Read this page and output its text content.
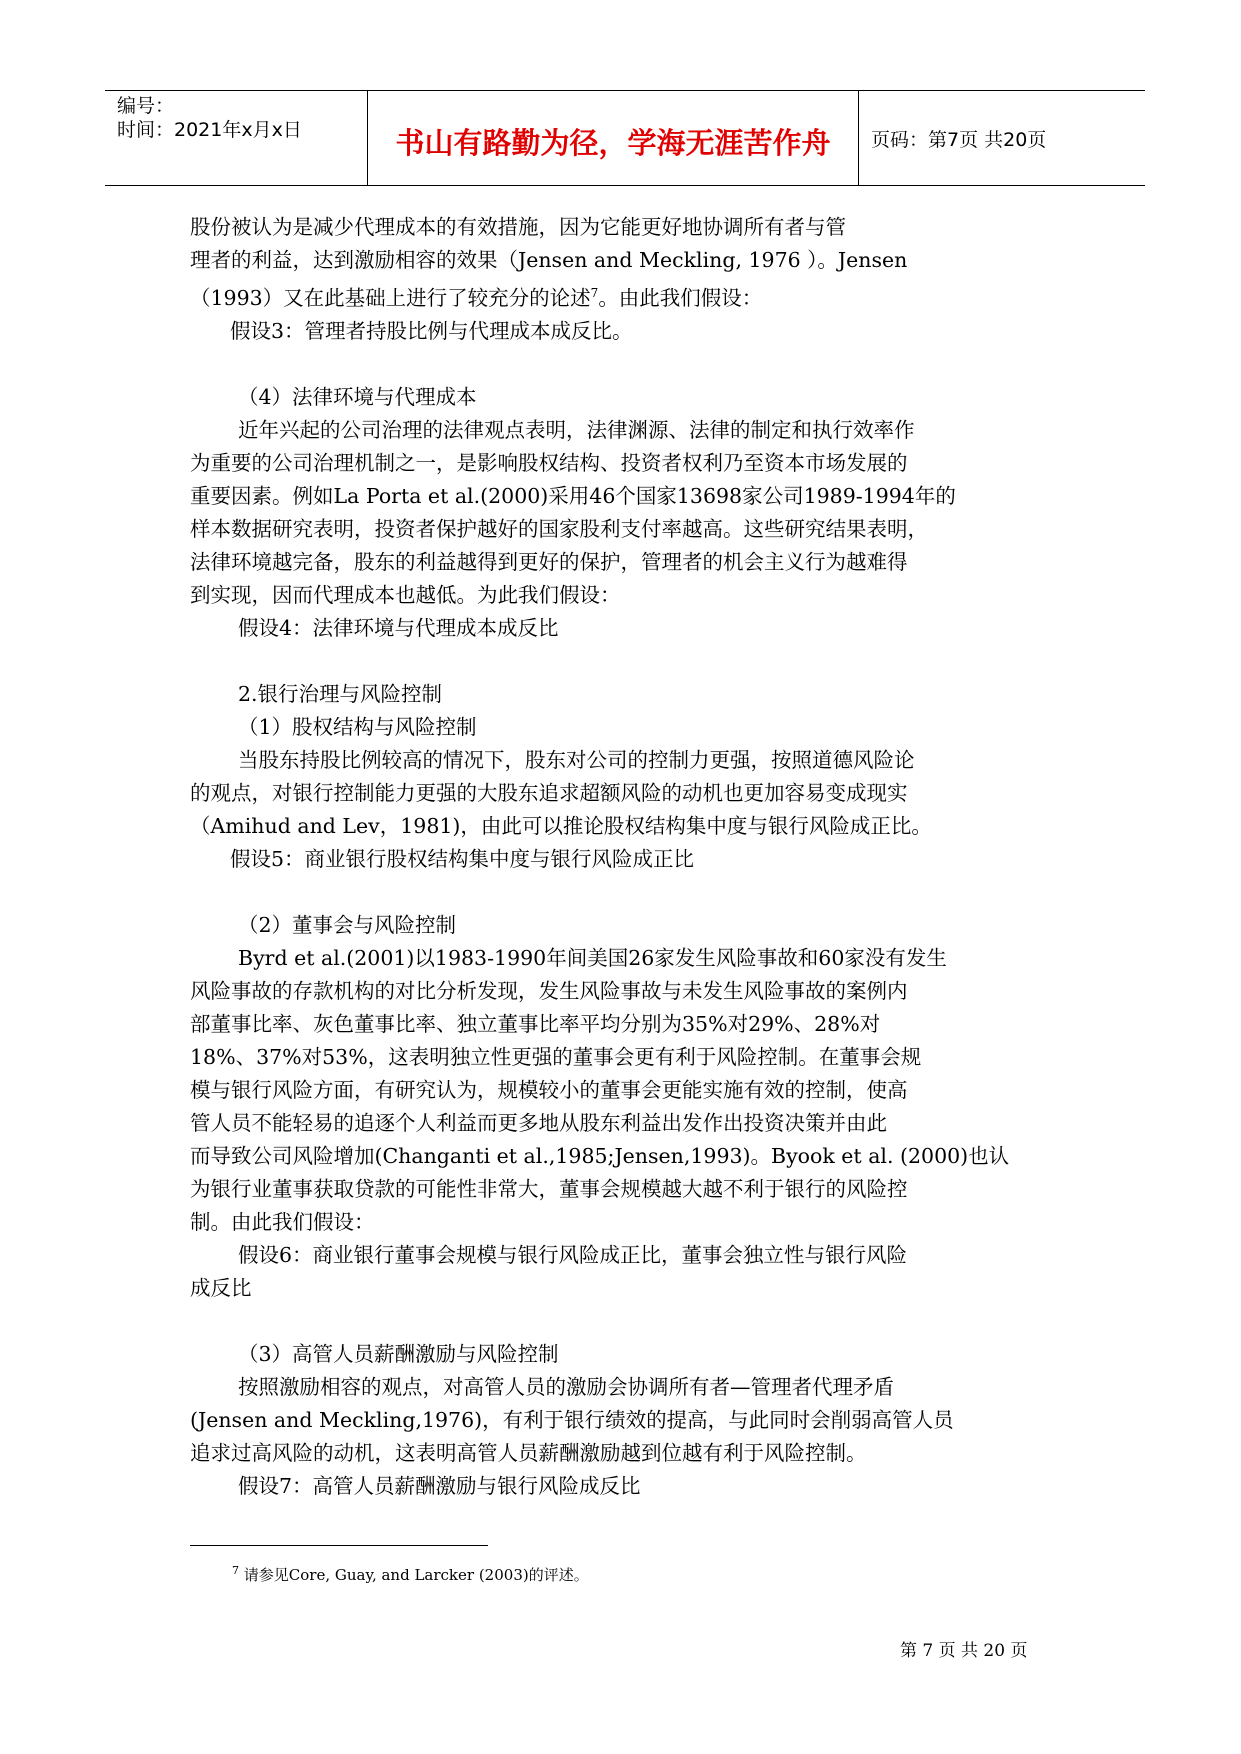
编号：
时间：2021年x月x日	书山有路勤为径，学海无涯苦作舟	页码：第7页 共20页
股份被认为是减少代理成本的有效措施，因为它能更好地协调所有者与管
理者的利益，达到激励相容的效果（Jensen and Meckling, 1976 ）。Jensen
（1993）又在此基础上进行了较充分的论述$^7$。由此我们假设：
假设3：管理者持股比例与代理成本成反比。
（4）法律环境与代理成本
近年兴起的公司治理的法律观点表明，法律渊源、法律的制定和执行效率作
为重要的公司治理机制之一，是影响股权结构、投资者权利乃至资本市场发展的
重要因素。例如La Porta et al.(2000)采用46个国家13698家公司1989-1994年的
样本数据研究表明，投资者保护越好的国家股利支付率越高。这些研究结果表明，
法律环境越完备，股东的利益越得到更好的保护，管理者的机会主义行为越难得
到实现，因而代理成本也越低。为此我们假设：
假设4：法律环境与代理成本成反比
2.银行治理与风险控制
（1）股权结构与风险控制
当股东持股比例较高的情况下，股东对公司的控制力更强，按照道德风险论
的观点，对银行控制能力更强的大股东追求超额风险的动机也更加容易变成现实
（Amihud and Lev，1981)，由此可以推论股权结构集中度与银行风险成正比。
假设5：商业银行股权结构集中度与银行风险成正比
（2）董事会与风险控制
Byrd et al.(2001)以1983-1990年间美国26家发生风险事故和60家没有发生
风险事故的存款机构的对比分析发现，发生风险事故与未发生风险事故的案例内
部董事比率、灰色董事比率、独立董事比率平均分别为35%对29%、28%对
18%、37%对53%，这表明独立性更强的董事会更有利于风险控制。在董事会规
模与银行风险方面，有研究认为，规模较小的董事会更能实施有效的控制，使高
管人员不能轻易的追逐个人利益而更多地从股东利益出发作出投资决策并由此
而导致公司风险增加(Changanti et al.,1985;Jensen,1993)。Byook et al. (2000)也认
为银行业董事获取贷款的可能性非常大，董事会规模越大越不利于银行的风险控
制。由此我们假设：
假设6：商业银行董事会规模与银行风险成正比，董事会独立性与银行风险
成反比
（3）高管人员薪酬激励与风险控制
按照激励相容的观点，对高管人员的激励会协调所有者—管理者代理矛盾
(Jensen and Meckling,1976)，有利于银行绩效的提高，与此同时会削弱高管人员
追求过高风险的动机，这表明高管人员薪酬激励越到位越有利于风险控制。
假设7：高管人员薪酬激励与银行风险成反比
$^7$ 请参见Core, Guay, and Larcker (2003)的评述。
第 7 页 共 20 页
